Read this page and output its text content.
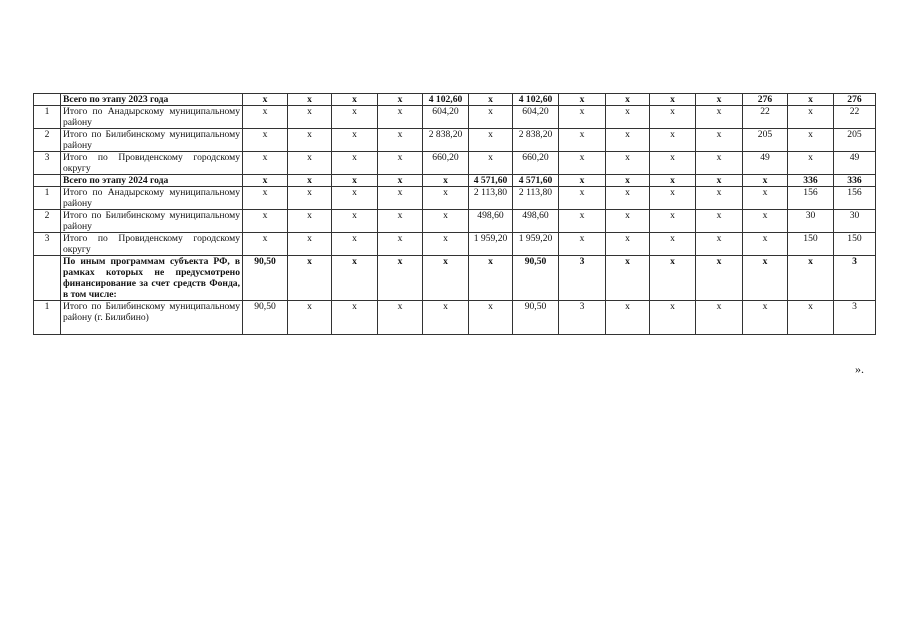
	Всего по этапу 2023 года	х	х	х	х	4 102,60	х	4 102,60	х	х	х	х	276	х	276
1	Итого по Анадырскому муниципальному району	х	х	х	х	604,20	х	604,20	х	х	х	х	22	х	22
2	Итого по Билибинскому муниципальному району	х	х	х	х	2 838,20	х	2 838,20	х	х	х	х	205	х	205
3	Итого по Провиденскому городскому округу	х	х	х	х	660,20	х	660,20	х	х	х	х	49	х	49
	Всего по этапу 2024 года	х	х	х	х	х	4 571,60	4 571,60	х	х	х	х	х	336	336
1	Итого по Анадырскому муниципальному району	х	х	х	х	х	2 113,80	2 113,80	х	х	х	х	х	156	156
2	Итого по Билибинскому муниципальному району	х	х	х	х	х	498,60	498,60	х	х	х	х	х	30	30
3	Итого по Провиденскому городскому округу	х	х	х	х	х	1 959,20	1 959,20	х	х	х	х	х	150	150
	По иным программам субъекта РФ, в рамках которых не предусмотрено финансирование за счет средств Фонда, в том числе:	90,50	х	х	х	х	х	90,50	3	х	х	х	х	х	3
1	Итого по Билибинскому муниципальному району (г. Билибино)	90,50	х	х	х	х	х	90,50	3	х	х	х	х	х	3
».
